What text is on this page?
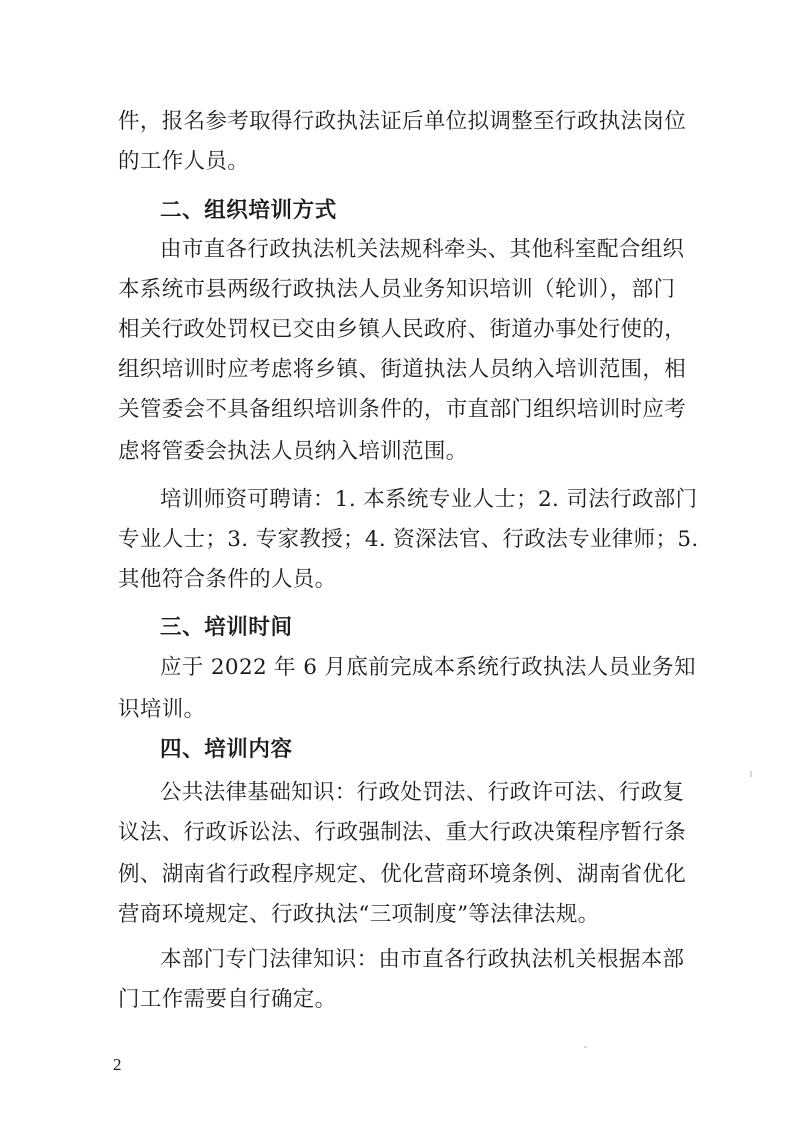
件，报名参考取得行政执法证后单位拟调整至行政执法岗位
的工作人员。
二、组织培训方式
由市直各行政执法机关法规科牵头、其他科室配合组织
本系统市县两级行政执法人员业务知识培训（轮训），部门
相关行政处罚权已交由乡镇人民政府、街道办事处行使的，
组织培训时应考虑将乡镇、街道执法人员纳入培训范围，相
关管委会不具备组织培训条件的，市直部门组织培训时应考
虑将管委会执法人员纳入培训范围。
培训师资可聘请：1. 本系统专业人士；2. 司法行政部门
专业人士；3. 专家教授；4. 资深法官、行政法专业律师；5.
其他符合条件的人员。
三、培训时间
应于 2022 年 6 月底前完成本系统行政执法人员业务知
识培训。
四、培训内容
公共法律基础知识：行政处罚法、行政许可法、行政复
议法、行政诉讼法、行政强制法、重大行政决策程序暂行条
例、湖南省行政程序规定、优化营商环境条例、湖南省优化
营商环境规定、行政执法“三项制度”等法律法规。
本部门专门法律知识：由市直各行政执法机关根据本部
门工作需要自行确定。
2
